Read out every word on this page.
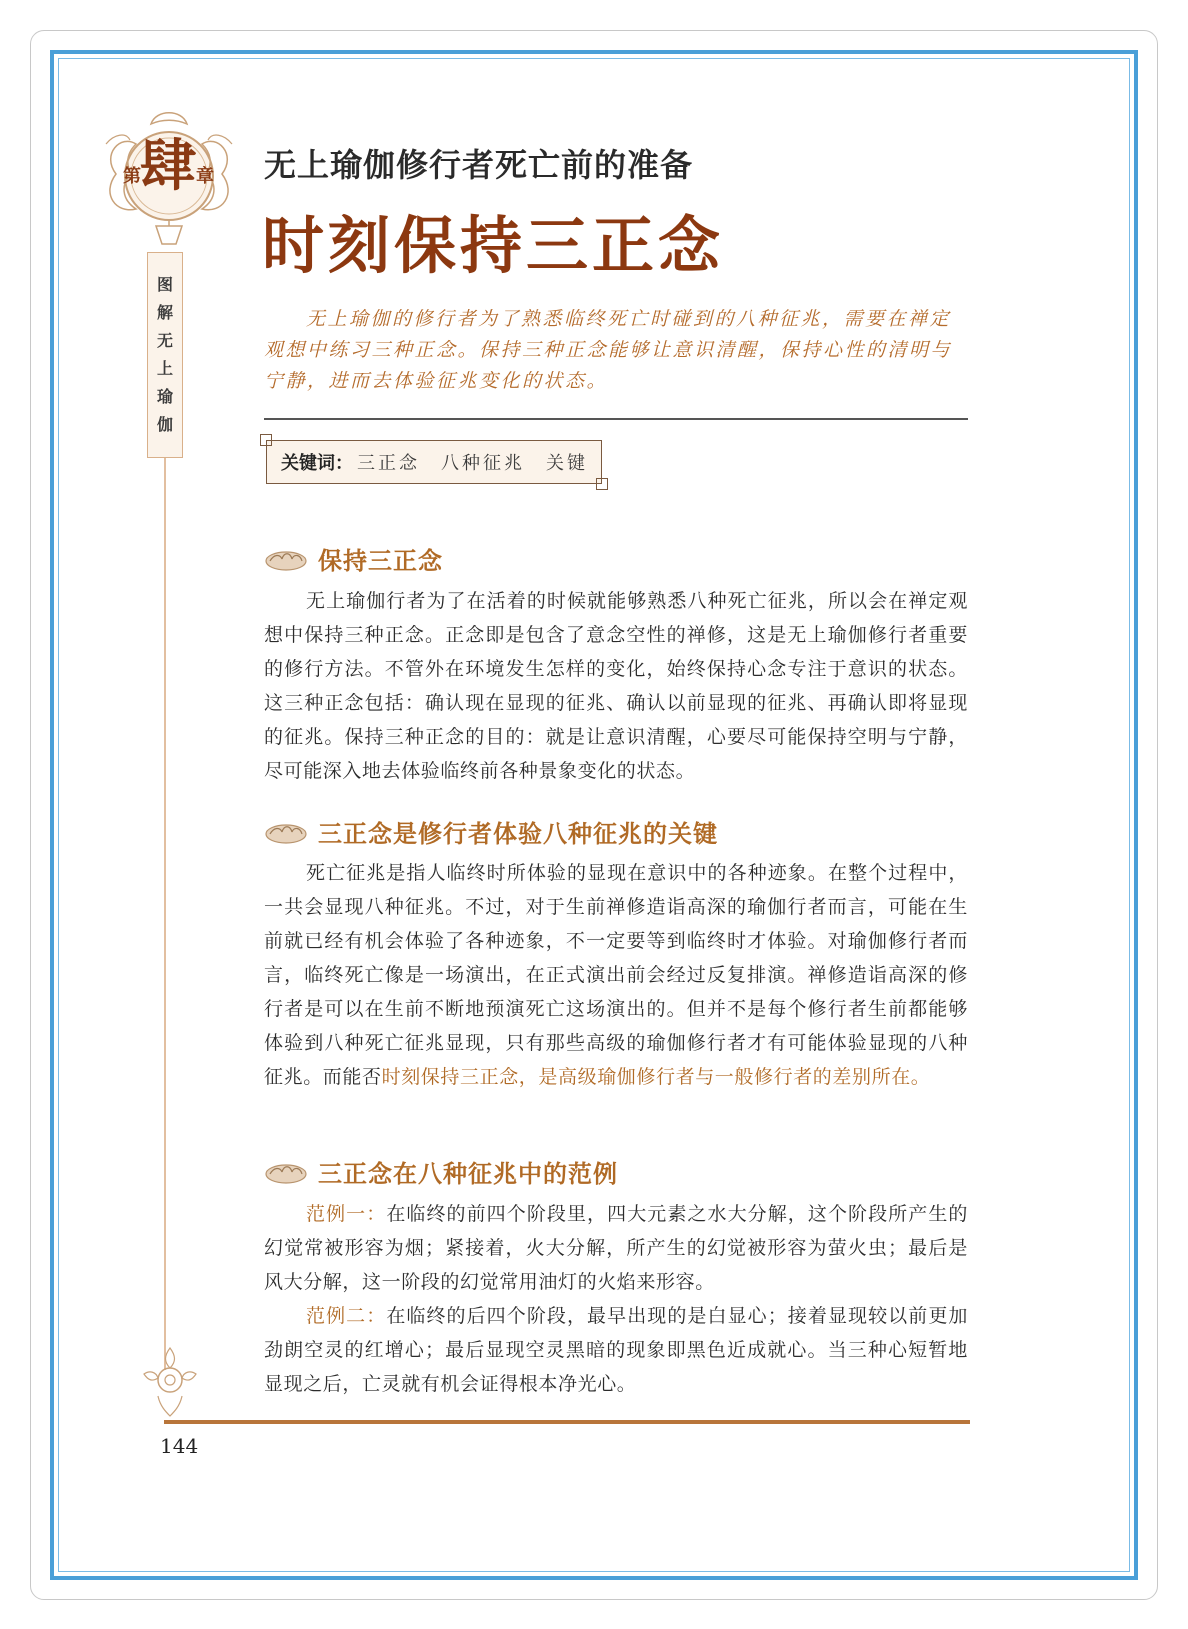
肆
第	章
图
解
无
上
瑜
伽
无上瑜伽修行者死亡前的准备
时刻保持三正念

无上瑜伽的修行者为了熟悉临终死亡时碰到的八种征兆，需要在禅定观想中练习三种正念。保持三种正念能够让意识清醒，保持心性的清明与宁静，进而去体验征兆变化的状态。

关键词： 三正念　八种征兆　关键
保持三正念

无上瑜伽行者为了在活着的时候就能够熟悉八种死亡征兆，所以会在禅定观想中保持三种正念。正念即是包含了意念空性的禅修，这是无上瑜伽修行者重要的修行方法。不管外在环境发生怎样的变化，始终保持心念专注于意识的状态。这三种正念包括：确认现在显现的征兆、确认以前显现的征兆、再确认即将显现的征兆。保持三种正念的目的：就是让意识清醒，心要尽可能保持空明与宁静，尽可能深入地去体验临终前各种景象变化的状态。

三正念是修行者体验八种征兆的关键

死亡征兆是指人临终时所体验的显现在意识中的各种迹象。在整个过程中，一共会显现八种征兆。不过，对于生前禅修造诣高深的瑜伽行者而言，可能在生前就已经有机会体验了各种迹象，不一定要等到临终时才体验。对瑜伽修行者而言，临终死亡像是一场演出，在正式演出前会经过反复排演。禅修造诣高深的修行者是可以在生前不断地预演死亡这场演出的。但并不是每个修行者生前都能够体验到八种死亡征兆显现，只有那些高级的瑜伽修行者才有可能体验显现的八种征兆。而能否时刻保持三正念，是高级瑜伽修行者与一般修行者的差别所在。

三正念在八种征兆中的范例

范例一：在临终的前四个阶段里，四大元素之水大分解，这个阶段所产生的幻觉常被形容为烟；紧接着，火大分解，所产生的幻觉被形容为萤火虫；最后是风大分解，这一阶段的幻觉常用油灯的火焰来形容。

范例二：在临终的后四个阶段，最早出现的是白显心；接着显现较以前更加劲朗空灵的红增心；最后显现空灵黑暗的现象即黑色近成就心。当三种心短暂地显现之后，亡灵就有机会证得根本净光心。

144
